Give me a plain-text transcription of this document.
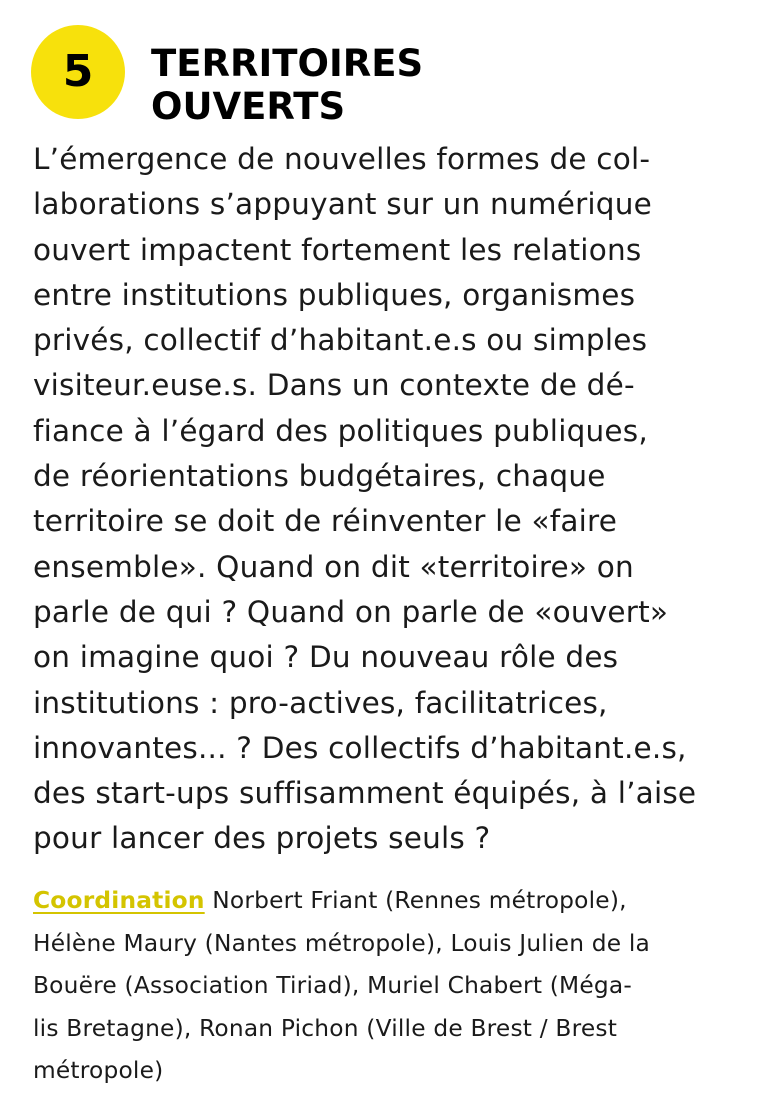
5 TERRITOIRES
OUVERTS

L’émergence de nouvelles formes de col-
laborations s’appuyant sur un numérique
ouvert impactent fortement les relations
entre institutions publiques, organismes
privés, collectif d’habitant.e.s ou simples
visiteur.euse.s. Dans un contexte de dé-
fiance à l’égard des politiques publiques,
de réorientations budgétaires, chaque
territoire se doit de réinventer le «faire
ensemble». Quand on dit «territoire» on
parle de qui ? Quand on parle de «ouvert»
on imagine quoi ? Du nouveau rôle des
institutions : pro-actives, facilitatrices,
innovantes... ? Des collectifs d’habitant.e.s,
des start-ups suffisamment équipés, à l’aise
pour lancer des projets seuls ?

Coordination Norbert Friant (Rennes métropole),
Hélène Maury (Nantes métropole), Louis Julien de la
Bouëre (Association Tiriad), Muriel Chabert (Méga-
lis Bretagne), Ronan Pichon (Ville de Brest / Brest
métropole)
